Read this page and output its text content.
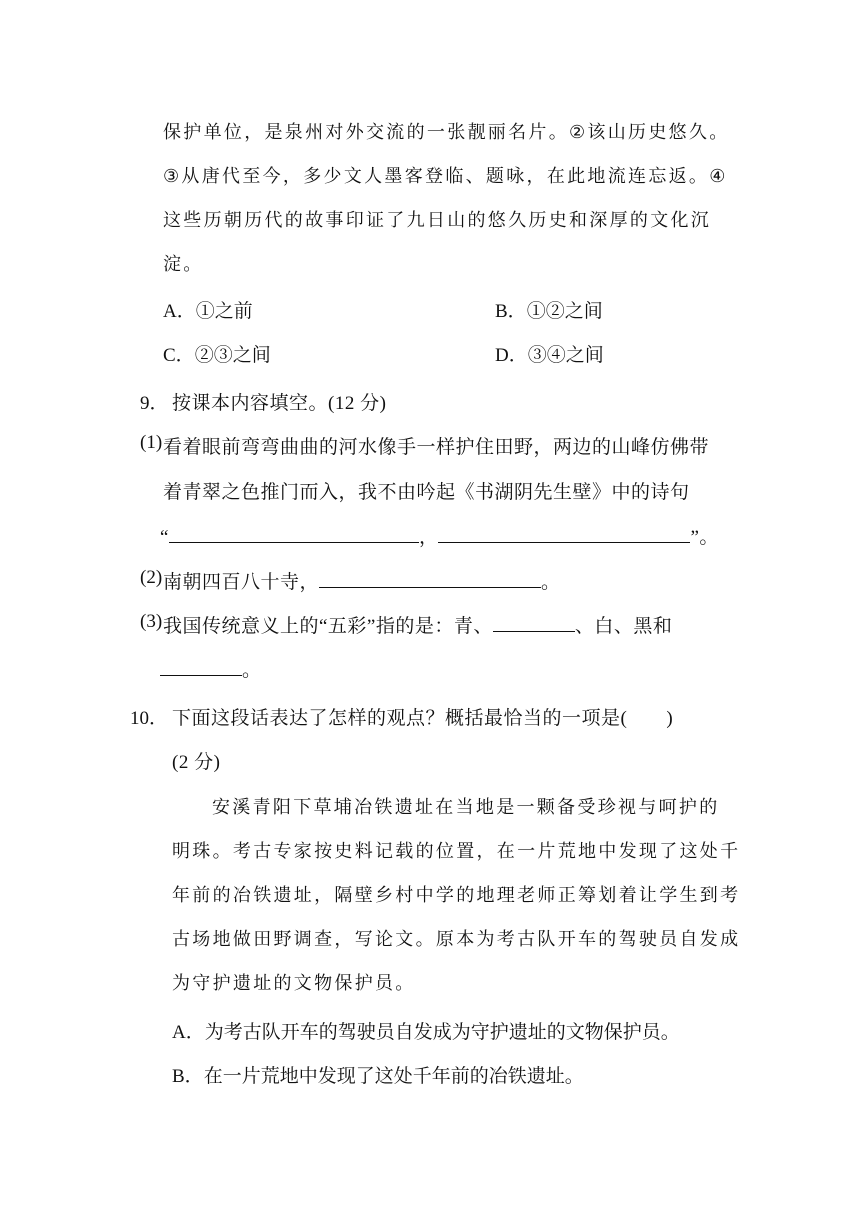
保护单位，是泉州对外交流的一张靓丽名片。②该山历史悠久。
③从唐代至今，多少文人墨客登临、题咏，在此地流连忘返。④
这些历朝历代的故事印证了九日山的悠久历史和深厚的文化沉
淀。
A．①之前	B．①②之间
C．②③之间	D．③④之间
9． 按课本内容填空。(12 分)
(1) 看着眼前弯弯曲曲的河水像手一样护住田野，两边的山峰仿佛带
着青翠之色推门而入，我不由吟起《书湖阴先生壁》中的诗句
“	，	”。
(2) 南朝四百八十寺，	。
(3) 我国传统意义上的“五彩”指的是：青、	、白、黑和
。
10． 下面这段话表达了怎样的观点？概括最恰当的一项是(　　)
(2 分)
安溪青阳下草埔冶铁遗址在当地是一颗备受珍视与呵护的
明珠。考古专家按史料记载的位置，在一片荒地中发现了这处千
年前的冶铁遗址，隔壁乡村中学的地理老师正筹划着让学生到考
古场地做田野调查，写论文。原本为考古队开车的驾驶员自发成
为守护遗址的文物保护员。
A．为考古队开车的驾驶员自发成为守护遗址的文物保护员。
B．在一片荒地中发现了这处千年前的冶铁遗址。
